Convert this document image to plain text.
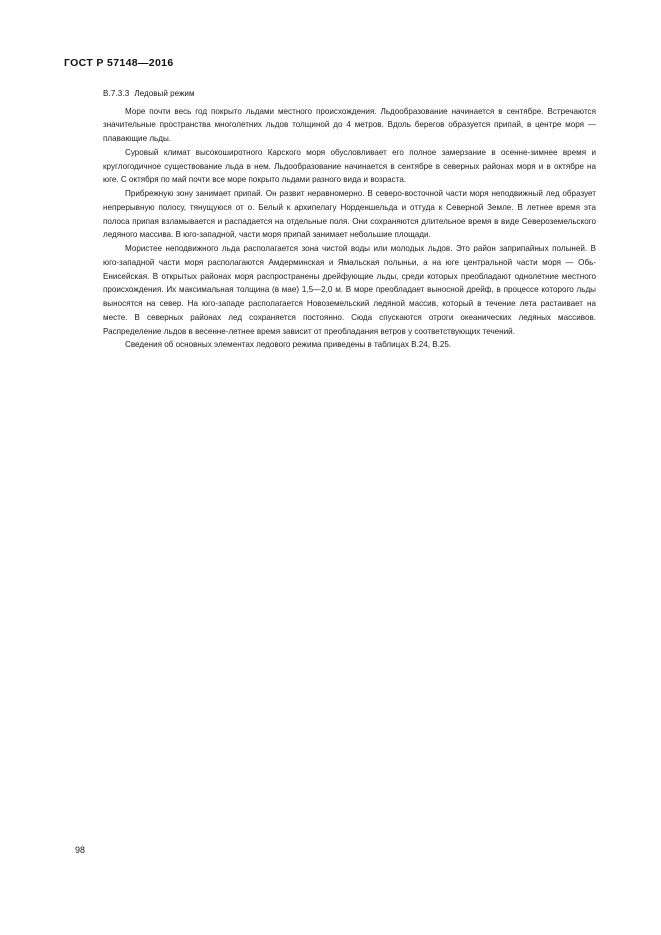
ГОСТ Р 57148—2016
В.7.3.3 Ледовый режим

Море почти весь год покрыто льдами местного происхождения. Льдообразование начинается в сентябре. Встречаются значительные пространства многолетних льдов толщиной до 4 метров. Вдоль берегов образуется припай, в центре моря — плавающие льды.

Суровый климат высокоширотного Карского моря обусловливает его полное замерзание в осенне-зимнее время и круглогодичное существование льда в нем. Льдообразование начинается в сентябре в северных районах моря и в октябре на юге. С октября по май почти все море покрыто льдами разного вида и возраста.

Прибрежную зону занимает припай. Он развит неравномерно. В северо-восточной части моря неподвижный лед образует непрерывную полосу, тянущуюся от о. Белый к архипелагу Норденшельда и оттуда к Северной Земле. В летнее время эта полоса припая взламывается и распадается на отдельные поля. Они сохраняются длительное время в виде Североземельского ледяного массива. В юго-западной, части моря припай занимает небольшие площади.

Мористее неподвижного льда располагается зона чистой воды или молодых льдов. Это район заприпайных полыней. В юго-западной части моря располагаются Амдерминская и Ямальская полыньи, а на юге центральной части моря — Обь-Енисейская. В открытых районах моря распространены дрейфующие льды, среди которых преобладают однолетние местного происхождения. Их максимальная толщина (в мае) 1,5—2,0 м. В море преобладает выносной дрейф, в процессе которого льды выносятся на север. На юго-западе располагается Новоземельский ледяной массив, который в течение лета растаивает на месте. В северных районах лед сохраняется постоянно. Сюда спускаются отроги океанических ледяных массивов. Распределение льдов в весенне-летнее время зависит от преобладания ветров у соответствующих течений.

Сведения об основных элементах ледового режима приведены в таблицах В.24, В.25.

98
